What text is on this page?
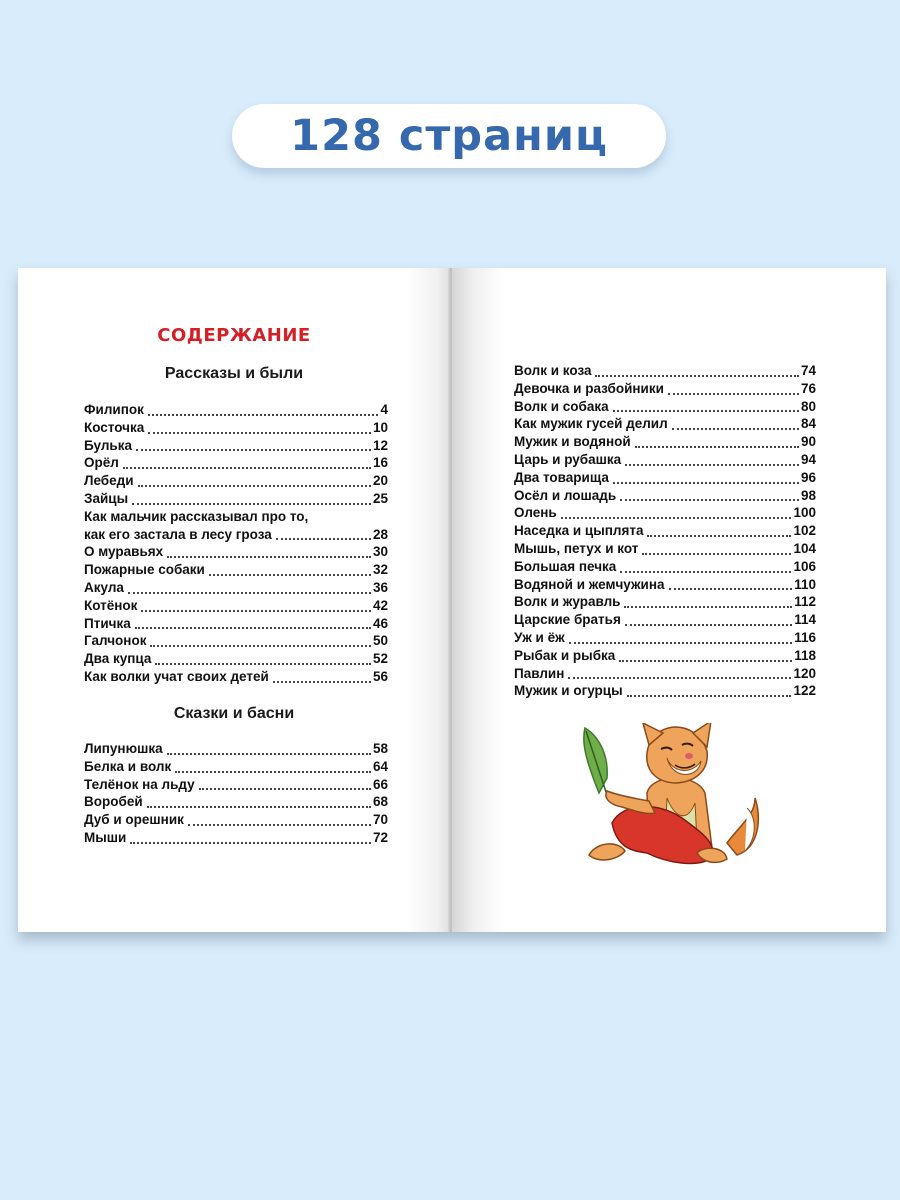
128 страниц
СОДЕРЖАНИЕ
Рассказы и были
Филипок	4
Косточка	10
Булька	12
Орёл	16
Лебеди	20
Зайцы	25
Как мальчик рассказывал про то,
как его застала в лесу гроза	28
О муравьях	30
Пожарные собаки	32
Акула	36
Котёнок	42
Птичка	46
Галчонок	50
Два купца	52
Как волки учат своих детей	56
Сказки и басни
Липунюшка	58
Белка и волк	64
Телёнок на льду	66
Воробей	68
Дуб и орешник	70
Мыши	72
Волк и коза	74
Девочка и разбойники	76
Волк и собака	80
Как мужик гусей делил	84
Мужик и водяной	90
Царь и рубашка	94
Два товарища	96
Осёл и лошадь	98
Олень	100
Наседка и цыплята	102
Мышь, петух и кот	104
Большая печка	106
Водяной и жемчужина	110
Волк и журавль	112
Царские братья	114
Уж и ёж	116
Рыбак и рыбка	118
Павлин	120
Мужик и огурцы	122
